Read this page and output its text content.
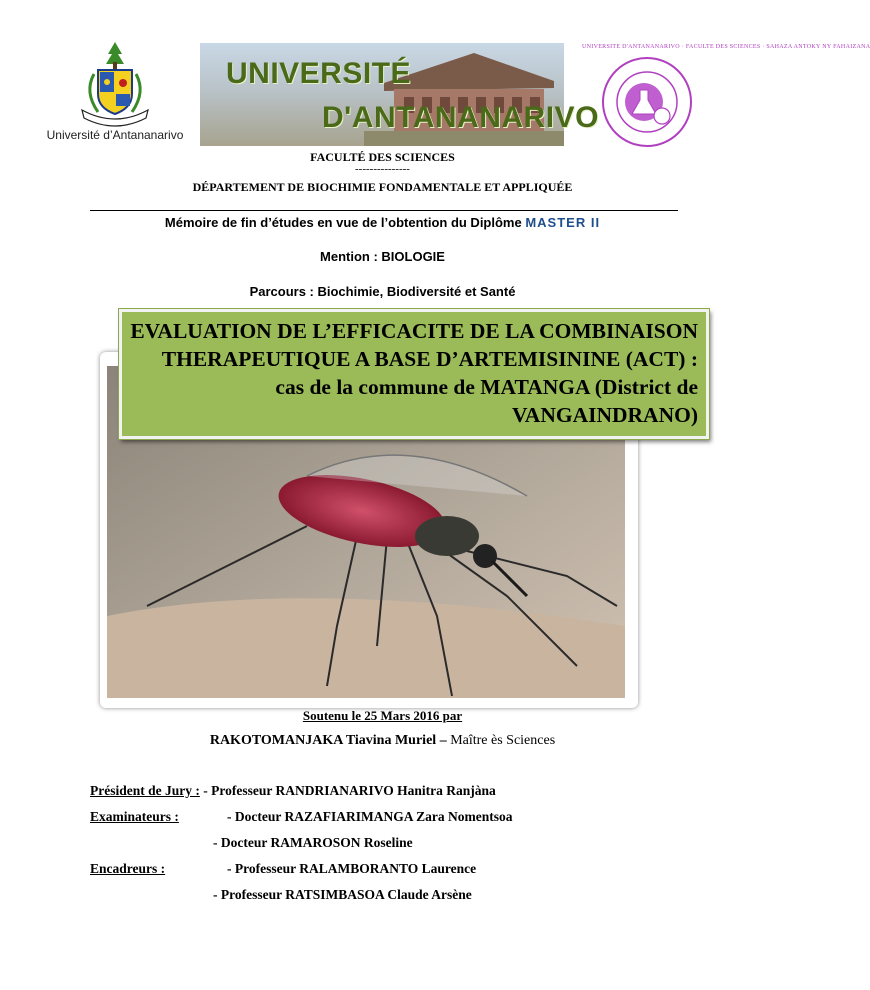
Université d’Antananarivo
UNIVERSITÉ
D'ANTANANARIVO
UNIVERSITE D'ANTANANARIVO · FACULTE DES SCIENCES · SAHAZA ANTOKY NY FAHAIZANA
FACULTÉ DES SCIENCES
---------------
DÉPARTEMENT DE BIOCHIMIE FONDAMENTALE ET APPLIQUÉE
Mémoire de fin d’études en vue de l’obtention du Diplôme MASTER II
Mention : BIOLOGIE
Parcours : Biochimie, Biodiversité et Santé
EVALUATION DE L’EFFICACITE DE LA COMBINAISON
THERAPEUTIQUE A BASE D’ARTEMISININE (ACT) :
cas de la commune de MATANGA (District de
VANGAINDRANO)
Soutenu le 25 Mars 2016 par
RAKOTOMANJAKA Tiavina Muriel – Maître ès Sciences
Président de Jury : - Professeur RANDRIANARIVO Hanitra Ranjàna
Examinateurs :	- Docteur RAZAFIARIMANGA Zara Nomentsoa
- Docteur RAMAROSON Roseline
Encadreurs :	- Professeur RALAMBORANTO Laurence
- Professeur RATSIMBASOA Claude Arsène
